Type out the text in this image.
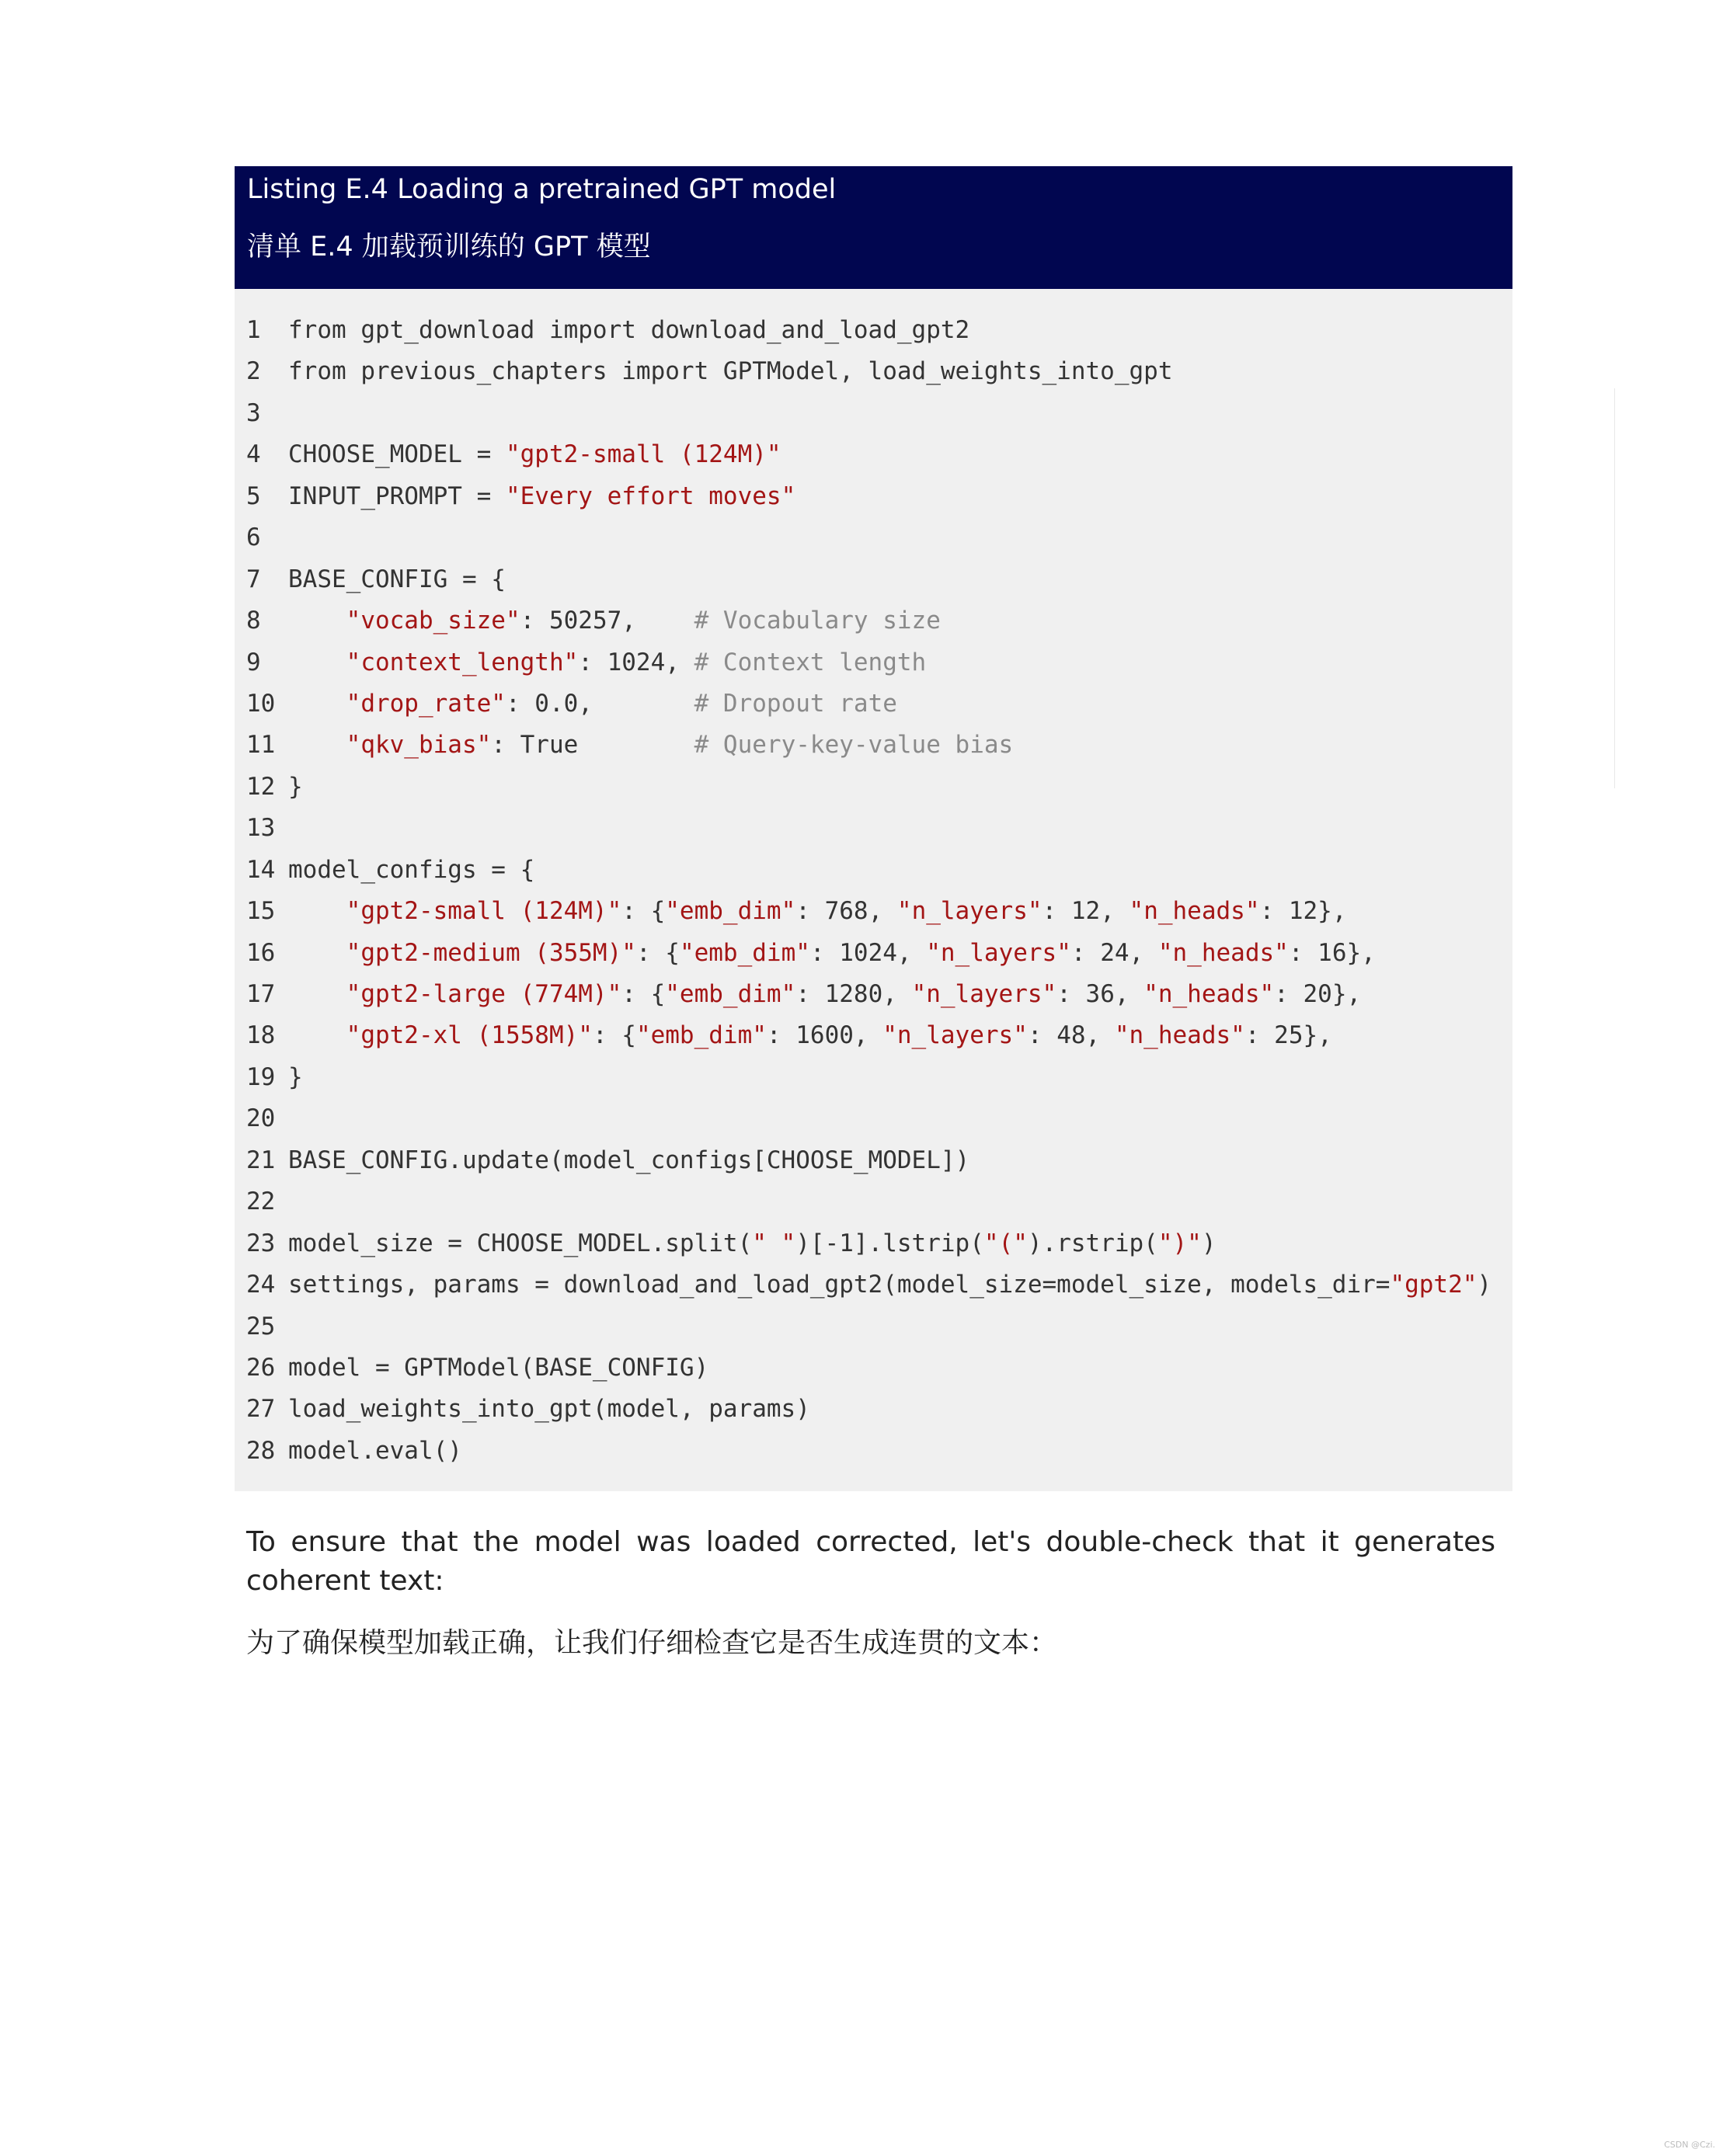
Listing E.4 Loading a pretrained GPT model
清单 E.4 加载预训练的 GPT 模型
1 from gpt_download import download_and_load_gpt2
2 from previous_chapters import GPTModel, load_weights_into_gpt
3
4 CHOOSE_MODEL = "gpt2-small (124M)"
5 INPUT_PROMPT = "Every effort moves"
6
7 BASE_CONFIG = {
8	"vocab_size": 50257,    # Vocabulary size
9	"context_length": 1024, # Context length
10	"drop_rate": 0.0,       # Dropout rate
11	"qkv_bias": True        # Query-key-value bias
12 }
13
14 model_configs = {
15	"gpt2-small (124M)": {"emb_dim": 768, "n_layers": 12, "n_heads": 12},
16	"gpt2-medium (355M)": {"emb_dim": 1024, "n_layers": 24, "n_heads": 16},
17	"gpt2-large (774M)": {"emb_dim": 1280, "n_layers": 36, "n_heads": 20},
18	"gpt2-xl (1558M)": {"emb_dim": 1600, "n_layers": 48, "n_heads": 25},
19 }
20
21 BASE_CONFIG.update(model_configs[CHOOSE_MODEL])
22
23 model_size = CHOOSE_MODEL.split(" ")[-1].lstrip("(").rstrip(")")
24 settings, params = download_and_load_gpt2(model_size=model_size, models_dir="gpt2")
25
26 model = GPTModel(BASE_CONFIG)
27 load_weights_into_gpt(model, params)
28 model.eval()
To ensure that the model was loaded corrected, let's double-check that it generates coherent text:
为了确保模型加载正确，让我们仔细检查它是否生成连贯的文本：
CSDN @Czi.
